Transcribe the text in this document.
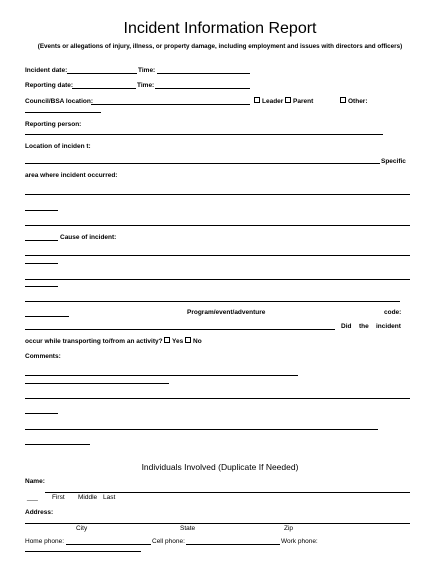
Incident Information Report
(Events or allegations of injury, illness, or property damage, including employment and issues with directors and officers)
Incident date:	Time:
Reporting date:	Time:
Council/BSA location:	Leader	Parent	Other:
Reporting person:
Location of inciden t:
Specific
area where incident occurred:
Cause of incident:
Program/event/adventure	code:
Did the incident
occur while transporting to/from an activity?	Yes	No
Comments:
Individuals Involved (Duplicate If Needed)
Name:
___ First Middle Last
Address:
City	State	Zip
Home phone:	Cell phone:	Work phone:
